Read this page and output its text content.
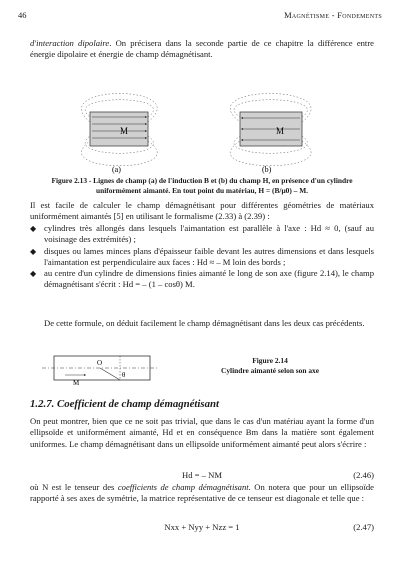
46	Magnétisme - Fondements
d'interaction dipolaire. On précisera dans la seconde partie de ce chapitre la différence entre énergie dipolaire et énergie de champ démagnétisant.
M	M
(a)	(b)
Figure 2.13 - Lignes de champ (a) de l'induction B et (b) du champ H, en présence d'un cylindre uniformément aimanté. En tout point du matériau, H = (B/μ0) – M.
Il est facile de calculer le champ démagnétisant pour différentes géométries de matériaux uniformément aimantés [5] en utilisant le formalisme (2.33) à (2.39) :
◆ cylindres très allongés dans lesquels l'aimantation est parallèle à l'axe : Hd ≈ 0, (sauf au voisinage des extrémités) ;
◆ disques ou lames minces plans d'épaisseur faible devant les autres dimensions et dans lesquels l'aimantation est perpendiculaire aux faces : Hd ≈ – M loin des bords ;
◆ au centre d'un cylindre de dimensions finies aimanté le long de son axe (figure 2.14), le champ démagnétisant s'écrit : Hd = – (1 – cosθ) M.
De cette formule, on déduit facilement le champ démagnétisant dans les deux cas précédents.
O
M
θ
Figure 2.14
Cylindre aimanté selon son axe
1.2.7. Coefficient de champ démagnétisant
On peut montrer, bien que ce ne soit pas trivial, que dans le cas d'un matériau ayant la forme d'un ellipsoïde et uniformément aimanté, Hd et en conséquence Bm dans la matière sont également uniformes. Le champ démagnétisant dans un ellipsoïde uniformément aimanté peut alors s'écrire :
Hd = – NM	(2.46)
où N est le tenseur des coefficients de champ démagnétisant. On notera que pour un ellipsoïde rapporté à ses axes de symétrie, la matrice représentative de ce tenseur est diagonale et telle que :
Nxx + Nyy + Nzz = 1	(2.47)
